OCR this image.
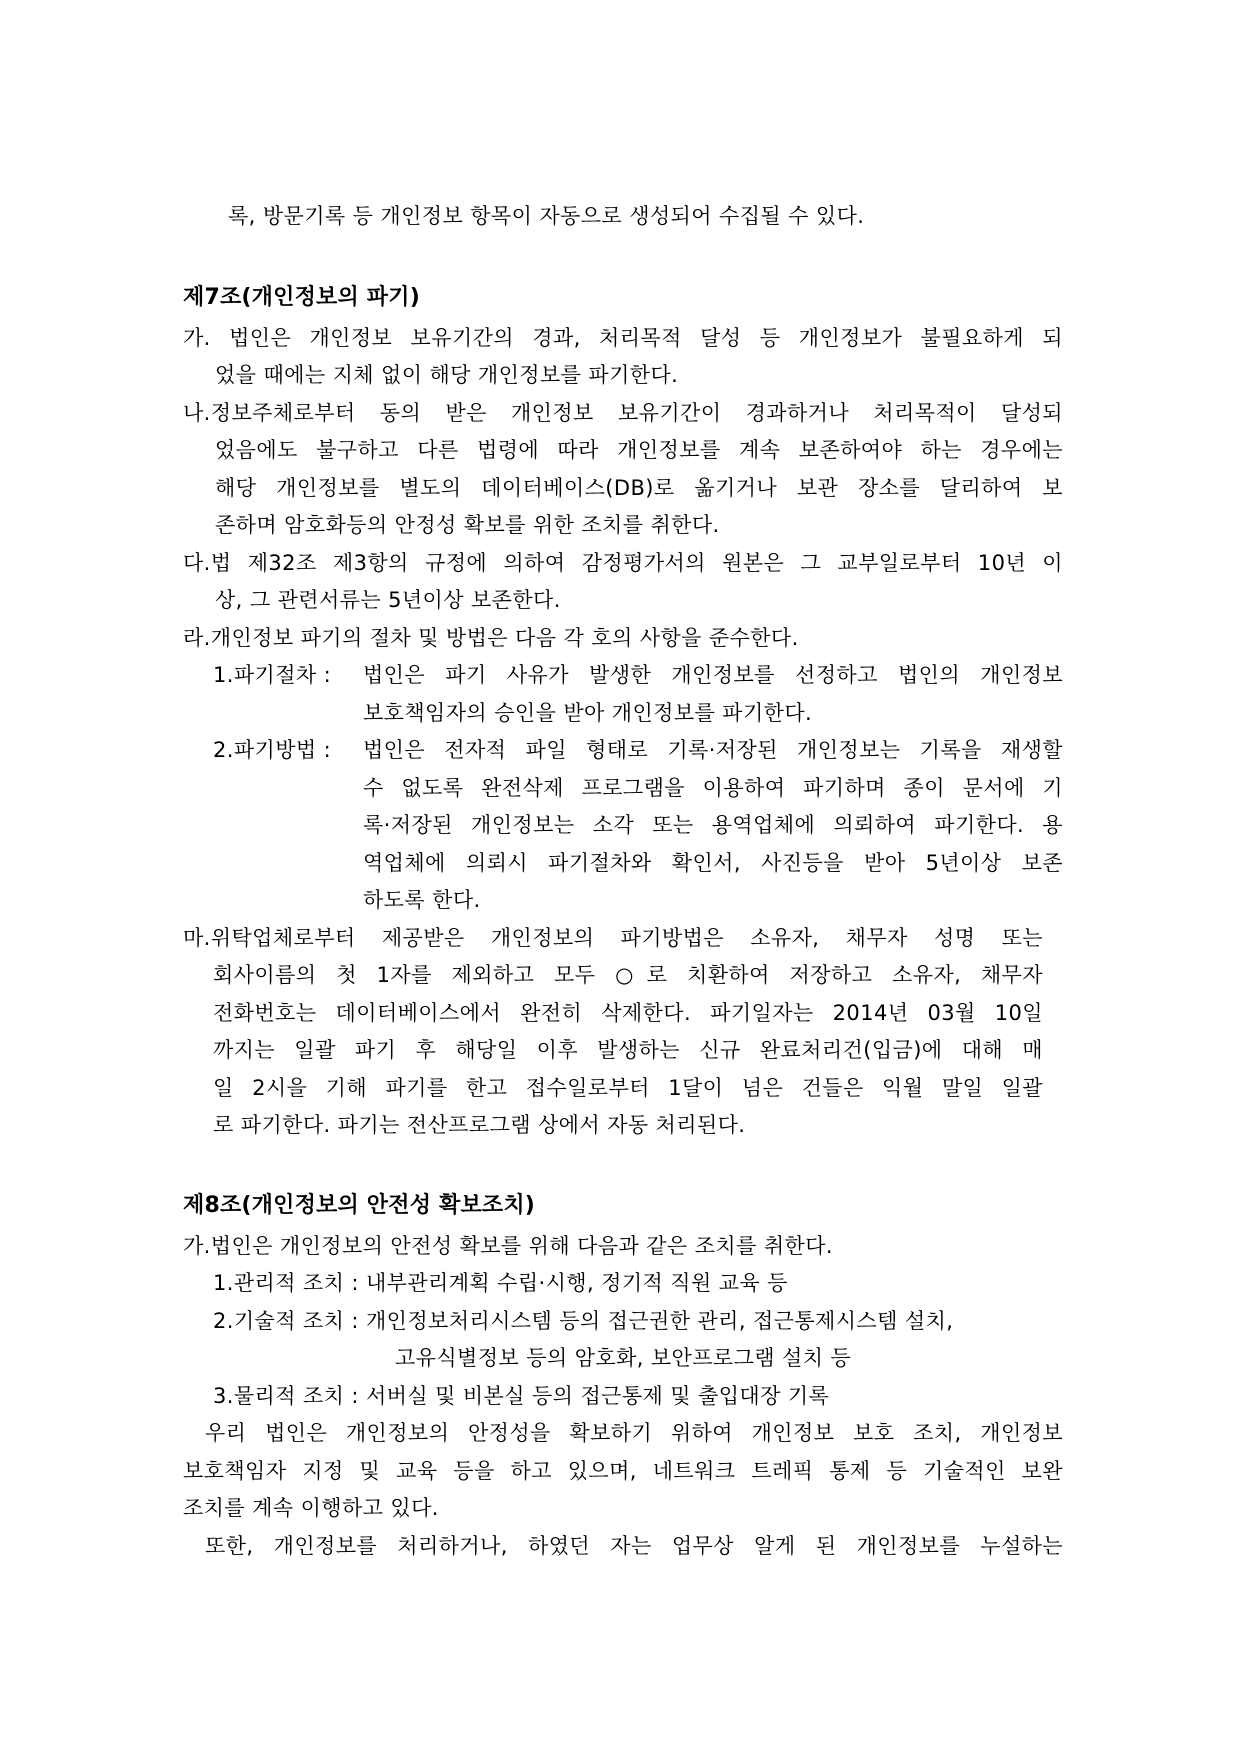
록, 방문기록 등 개인정보 항목이 자동으로 생성되어 수집될 수 있다.
제7조(개인정보의 파기)
가. 법인은 개인정보 보유기간의 경과, 처리목적 달성 등 개인정보가 불필요하게 되
었을 때에는 지체 없이 해당 개인정보를 파기한다.
나.정보주체로부터 동의 받은 개인정보 보유기간이 경과하거나 처리목적이 달성되
었음에도 불구하고 다른 법령에 따라 개인정보를 계속 보존하여야 하는 경우에는
해당 개인정보를 별도의 데이터베이스(DB)로 옮기거나 보관 장소를 달리하여 보
존하며 암호화등의 안정성 확보를 위한 조치를 취한다.
다.법 제32조 제3항의 규정에 의하여 감정평가서의 원본은 그 교부일로부터 10년 이
상, 그 관련서류는 5년이상 보존한다.
라.개인정보 파기의 절차 및 방법은 다음 각 호의 사항을 준수한다.
1.파기절차 : 법인은 파기 사유가 발생한 개인정보를 선정하고 법인의 개인정보
보호책임자의 승인을 받아 개인정보를 파기한다.
2.파기방법 : 법인은 전자적 파일 형태로 기록·저장된 개인정보는 기록을 재생할
수 없도록 완전삭제 프로그램을 이용하여 파기하며 종이 문서에 기
록·저장된 개인정보는 소각 또는 용역업체에 의뢰하여 파기한다. 용
역업체에 의뢰시 파기절차와 확인서, 사진등을 받아 5년이상 보존
하도록 한다.
마.위탁업체로부터 제공받은 개인정보의 파기방법은 소유자, 채무자 성명 또는
회사이름의 첫 1자를 제외하고 모두 ○로 치환하여 저장하고 소유자, 채무자
전화번호는 데이터베이스에서 완전히 삭제한다. 파기일자는 2014년 03월 10일
까지는 일괄 파기 후 해당일 이후 발생하는 신규 완료처리건(입금)에 대해 매
일 2시을 기해 파기를 한고 접수일로부터 1달이 넘은 건들은 익월 말일 일괄
로 파기한다. 파기는 전산프로그램 상에서 자동 처리된다.
제8조(개인정보의 안전성 확보조치)
가.법인은 개인정보의 안전성 확보를 위해 다음과 같은 조치를 취한다.
1.관리적 조치 : 내부관리계획 수립·시행, 정기적 직원 교육 등
2.기술적 조치 : 개인정보처리시스템 등의 접근권한 관리, 접근통제시스템 설치,
고유식별정보 등의 암호화, 보안프로그램 설치 등
3.물리적 조치 : 서버실 및 비본실 등의 접근통제 및 출입대장 기록
우리 법인은 개인정보의 안정성을 확보하기 위하여 개인정보 보호 조치, 개인정보
보호책임자 지정 및 교육 등을 하고 있으며, 네트워크 트레픽 통제 등 기술적인 보완
조치를 계속 이행하고 있다.
또한, 개인정보를 처리하거나, 하였던 자는 업무상 알게 된 개인정보를 누설하는
